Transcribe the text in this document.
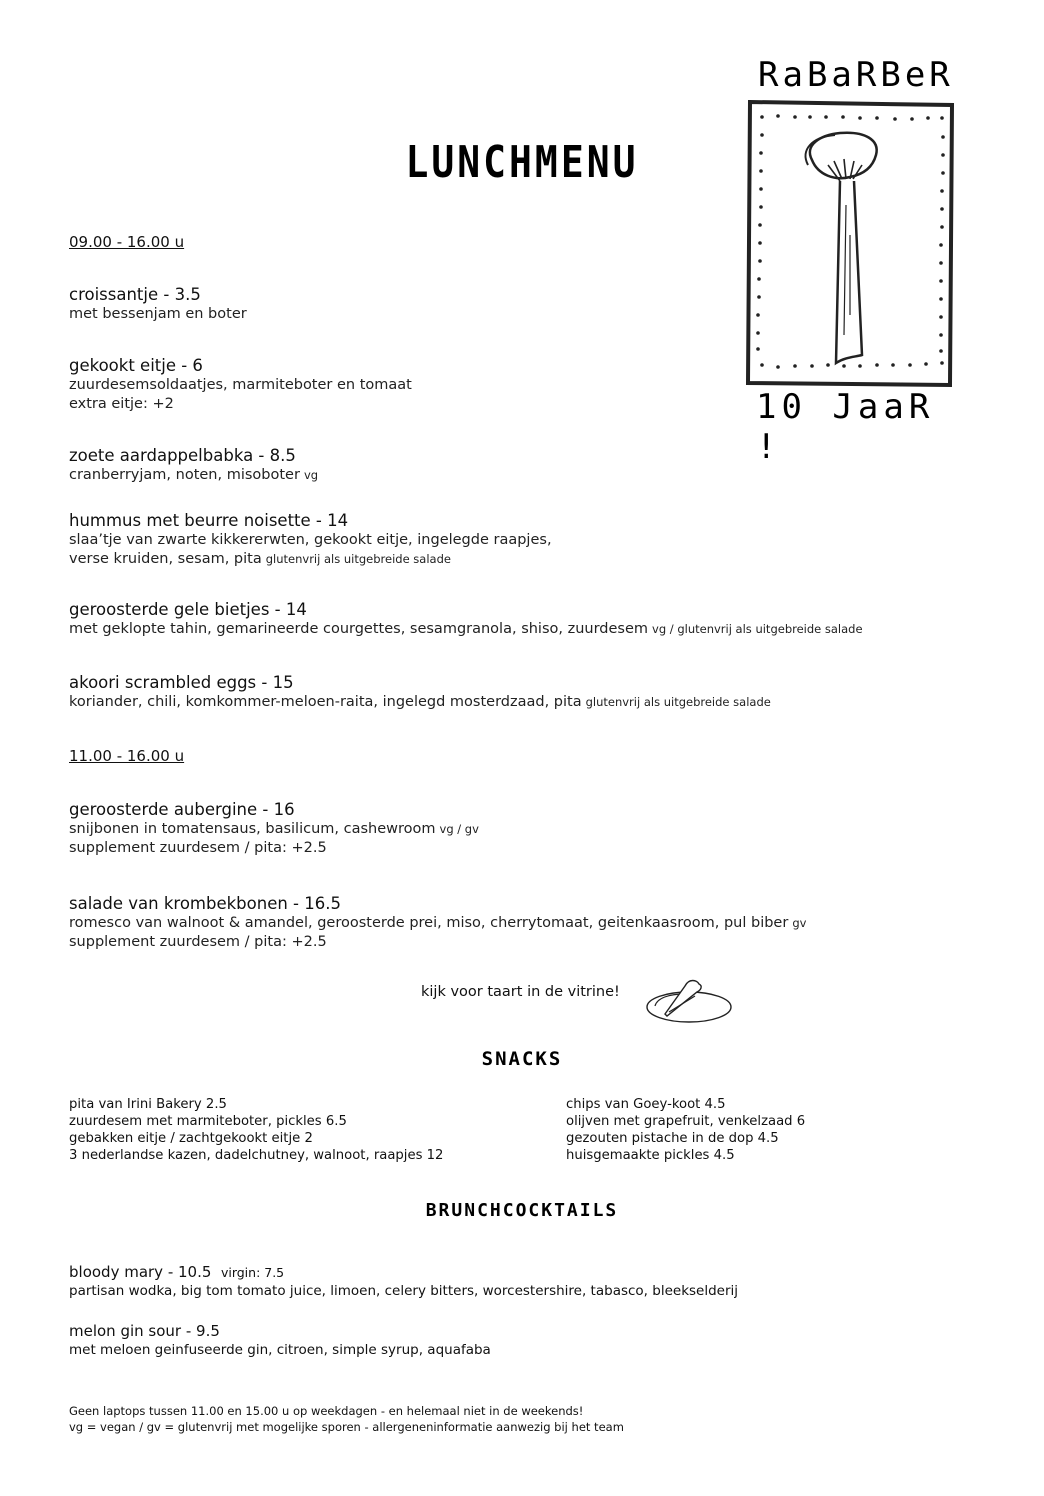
RaBaRBeR
10 JaaR !
LUNCHMENU
09.00 - 16.00 u
croissantje - 3.5
met bessenjam en boter
gekookt eitje - 6
zuurdesemsoldaatjes, marmiteboter en tomaat
extra eitje: +2
zoete aardappelbabka - 8.5
cranberryjam, noten, misoboter vg
hummus met beurre noisette - 14
slaa’tje van zwarte kikkererwten, gekookt eitje, ingelegde raapjes,
verse kruiden, sesam, pita glutenvrij als uitgebreide salade
geroosterde gele bietjes - 14
met geklopte tahin, gemarineerde courgettes, sesamgranola, shiso, zuurdesem vg / glutenvrij als uitgebreide salade
akoori scrambled eggs - 15
koriander, chili, komkommer-meloen-raita, ingelegd mosterdzaad, pita glutenvrij als uitgebreide salade
geroosterde aubergine - 16
snijbonen in tomatensaus, basilicum, cashewroom vg / gv
supplement zuurdesem / pita: +2.5
salade van krombekbonen - 16.5
romesco van walnoot & amandel, geroosterde prei, miso, cherrytomaat, geitenkaasroom, pul biber gv
supplement zuurdesem / pita: +2.5
11.00 - 16.00 u
kijk voor taart in de vitrine!
SNACKS
pita van Irini Bakery 2.5
zuurdesem met marmiteboter, pickles 6.5
gebakken eitje / zachtgekookt eitje 2
3 nederlandse kazen, dadelchutney, walnoot, raapjes 12
chips van Goey-koot 4.5
olijven met grapefruit, venkelzaad 6
gezouten pistache in de dop 4.5
huisgemaakte pickles 4.5
BRUNCHCOCKTAILS
bloody mary - 10.5 virgin: 7.5
partisan wodka, big tom tomato juice, limoen, celery bitters, worcestershire, tabasco, bleekselderij
melon gin sour - 9.5
met meloen geinfuseerde gin, citroen, simple syrup, aquafaba
Geen laptops tussen 11.00 en 15.00 u op weekdagen - en helemaal niet in de weekends!
vg = vegan / gv = glutenvrij met mogelijke sporen - allergeneninformatie aanwezig bij het team
